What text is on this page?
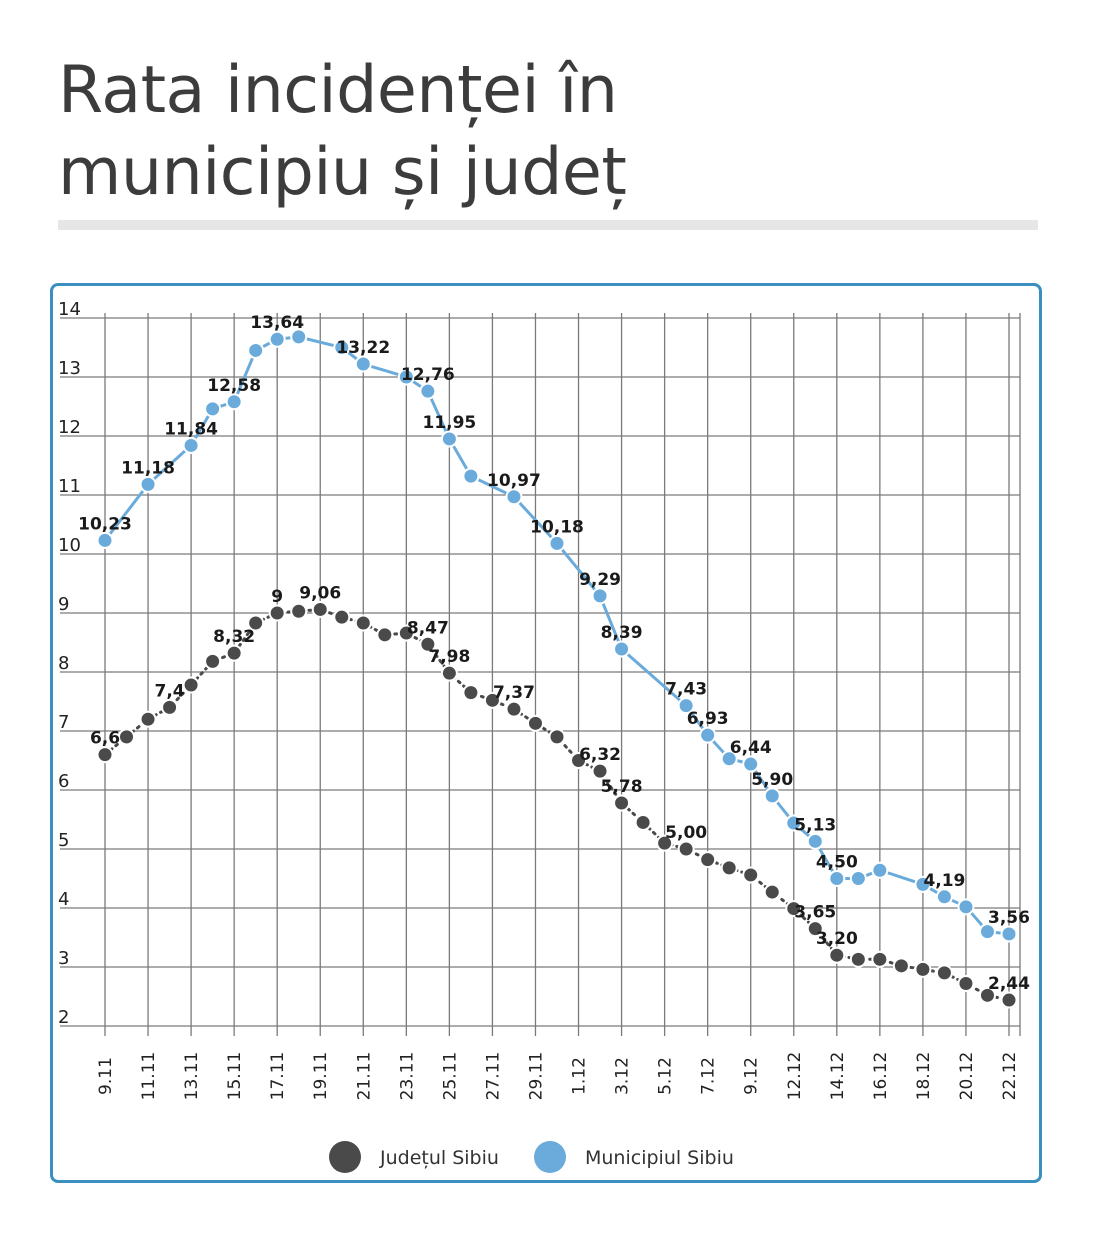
Rata incidenței în
municipiu și județ
2
3
4
5
6
7
8
9
10
11
12
13
14
9.11 11.11 13.11 15.11 17.11 19.11 21.11 23.11 25.11 27.11 29.11 1.12 3.12 5.12 7.12 9.12 12.12 14.12 16.12 18.12 20.12 22.12
6,6
7,4
8,32
9 9,06
8,47
7,98
7,37
6,32
5,78
5,00
3,65
3,20
2,44
10,23
11,18
11,84
12,58
13,64
13,22
12,76
11,95
10,97
10,18
9,29
8,39
7,43
6,93
6,44
5,90
5,13
4,50
4,19
3,56
Județul Sibiu	Municipiul Sibiu
